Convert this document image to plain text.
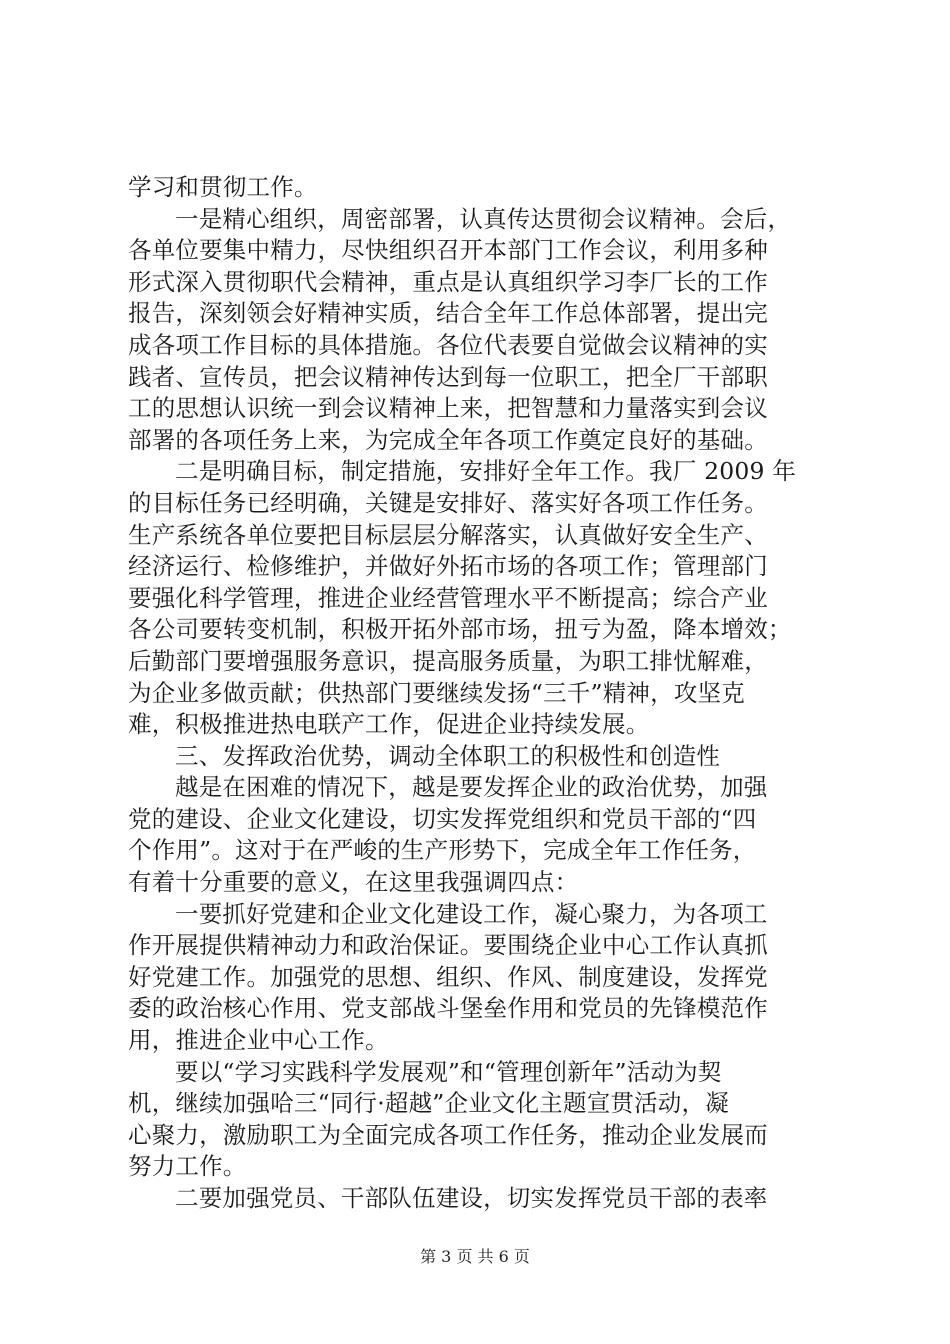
学习和贯彻工作。
一是精心组织，周密部署，认真传达贯彻会议精神。会后，
各单位要集中精力，尽快组织召开本部门工作会议，利用多种
形式深入贯彻职代会精神，重点是认真组织学习李厂长的工作
报告，深刻领会好精神实质，结合全年工作总体部署，提出完
成各项工作目标的具体措施。各位代表要自觉做会议精神的实
践者、宣传员，把会议精神传达到每一位职工，把全厂干部职
工的思想认识统一到会议精神上来，把智慧和力量落实到会议
部署的各项任务上来，为完成全年各项工作奠定良好的基础。
二是明确目标，制定措施，安排好全年工作。我厂 2009 年
的目标任务已经明确，关键是安排好、落实好各项工作任务。
生产系统各单位要把目标层层分解落实，认真做好安全生产、
经济运行、检修维护，并做好外拓市场的各项工作；管理部门
要强化科学管理，推进企业经营管理水平不断提高；综合产业
各公司要转变机制，积极开拓外部市场，扭亏为盈，降本增效；
后勤部门要增强服务意识，提高服务质量，为职工排忧解难，
为企业多做贡献；供热部门要继续发扬“三千”精神，攻坚克
难，积极推进热电联产工作，促进企业持续发展。
三、发挥政治优势，调动全体职工的积极性和创造性
越是在困难的情况下，越是要发挥企业的政治优势，加强
党的建设、企业文化建设，切实发挥党组织和党员干部的“四
个作用”。这对于在严峻的生产形势下，完成全年工作任务，
有着十分重要的意义，在这里我强调四点：
一要抓好党建和企业文化建设工作，凝心聚力，为各项工
作开展提供精神动力和政治保证。要围绕企业中心工作认真抓
好党建工作。加强党的思想、组织、作风、制度建设，发挥党
委的政治核心作用、党支部战斗堡垒作用和党员的先锋模范作
用，推进企业中心工作。
要以“学习实践科学发展观”和“管理创新年”活动为契
机，继续加强哈三“同行·超越”企业文化主题宣贯活动，凝
心聚力，激励职工为全面完成各项工作任务，推动企业发展而
努力工作。
二要加强党员、干部队伍建设，切实发挥党员干部的表率
第 3 页 共 6 页
